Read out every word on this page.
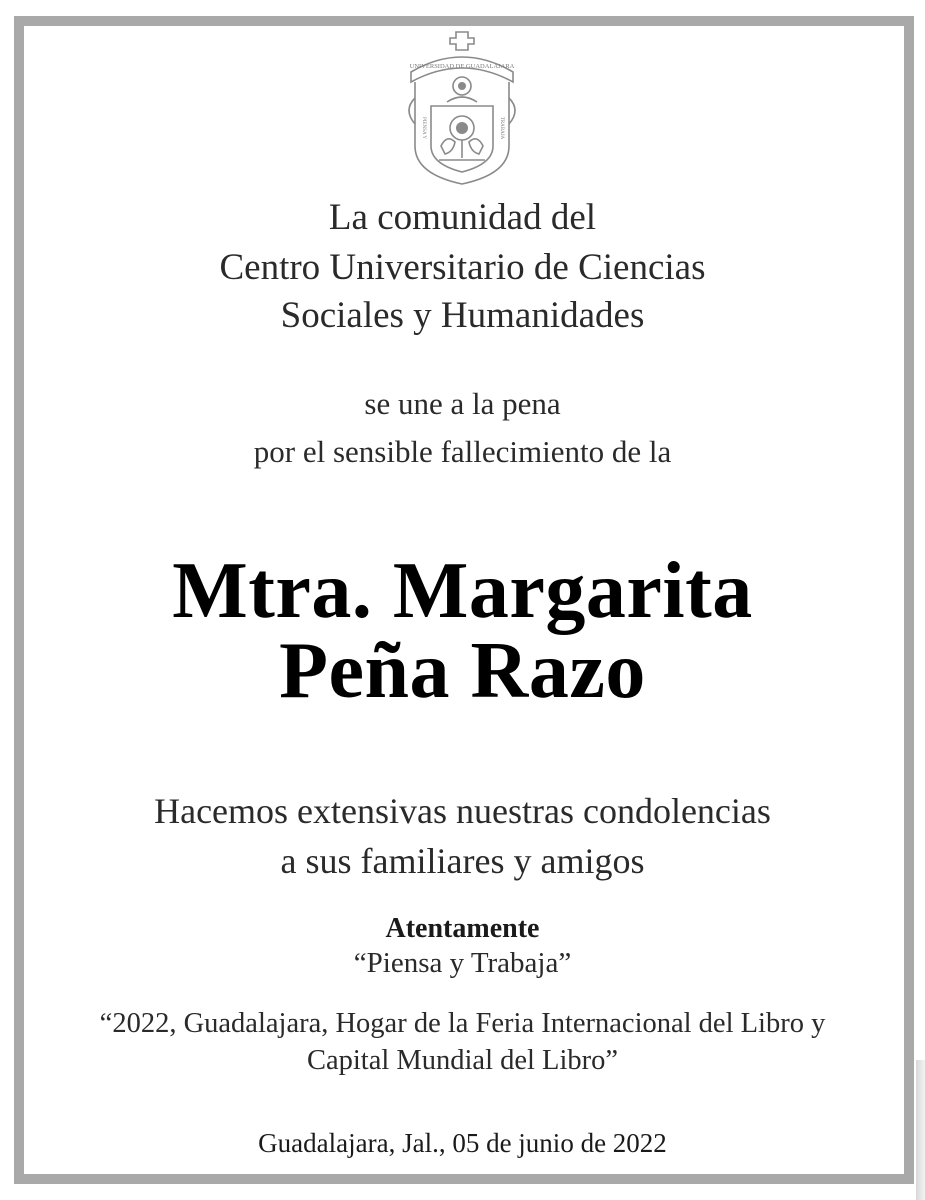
UNIVERSIDAD DE GUADALAJARA
PIENSA Y	TRABAJA
La comunidad del
Centro Universitario de Ciencias
Sociales y Humanidades
se une a la pena
por el sensible fallecimiento de la
Mtra. Margarita
Peña Razo
Hacemos extensivas nuestras condolencias
a sus familiares y amigos
Atentamente
“Piensa y Trabaja”
“2022, Guadalajara, Hogar de la Feria Internacional del Libro y
Capital Mundial del Libro”
Guadalajara, Jal., 05 de junio de 2022
